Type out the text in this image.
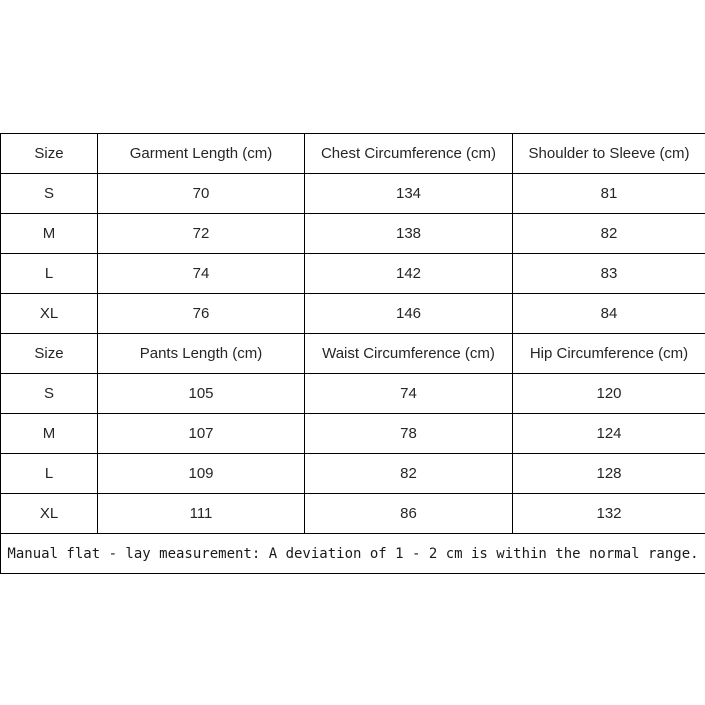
Size	Garment Length (cm)	Chest Circumference (cm)	Shoulder to Sleeve (cm)
S	70	134	81
M	72	138	82
L	74	142	83
XL	76	146	84
Size	Pants Length (cm)	Waist Circumference (cm)	Hip Circumference (cm)
S	105	74	120
M	107	78	124
L	109	82	128
XL	111	86	132
Manual flat - lay measurement: A deviation of 1 - 2 cm is within the normal range.			
